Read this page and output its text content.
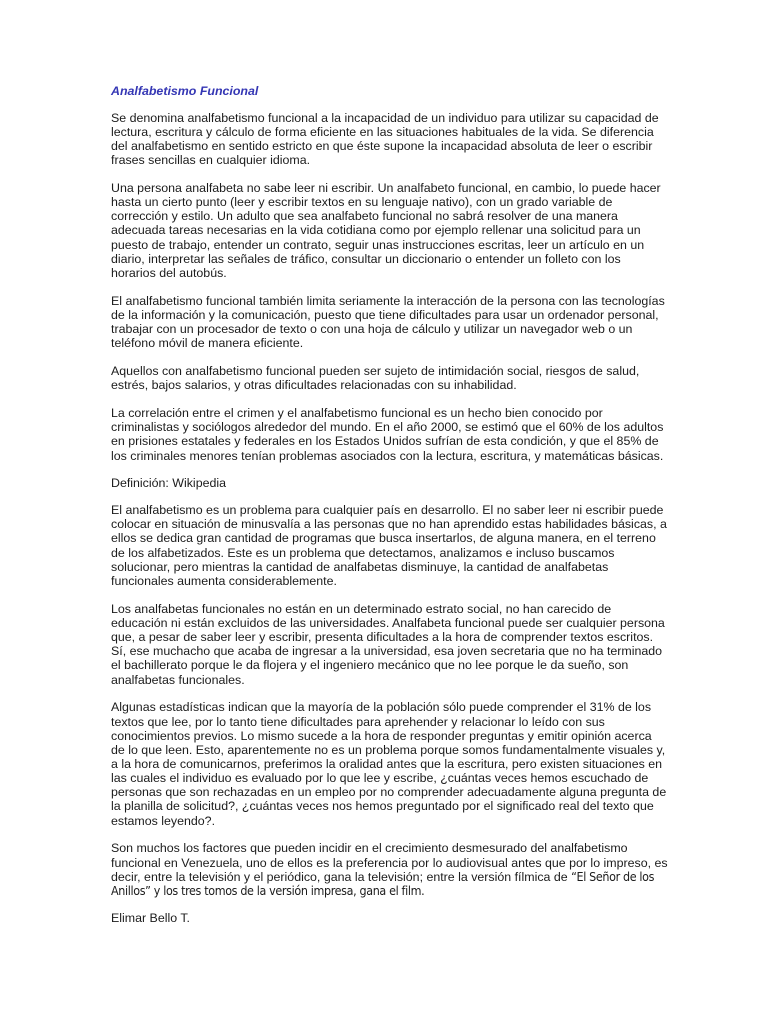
Analfabetismo Funcional

Se denomina analfabetismo funcional a la incapacidad de un individuo para utilizar su capacidad de lectura, escritura y cálculo de forma eficiente en las situaciones habituales de la vida. Se diferencia del analfabetismo en sentido estricto en que éste supone la incapacidad absoluta de leer o escribir frases sencillas en cualquier idioma.

Una persona analfabeta no sabe leer ni escribir. Un analfabeto funcional, en cambio, lo puede hacer hasta un cierto punto (leer y escribir textos en su lenguaje nativo), con un grado variable de corrección y estilo. Un adulto que sea analfabeto funcional no sabrá resolver de una manera adecuada tareas necesarias en la vida cotidiana como por ejemplo rellenar una solicitud para un puesto de trabajo, entender un contrato, seguir unas instrucciones escritas, leer un artículo en un diario, interpretar las señales de tráfico, consultar un diccionario o entender un folleto con los horarios del autobús.

El analfabetismo funcional también limita seriamente la interacción de la persona con las tecnologías de la información y la comunicación, puesto que tiene dificultades para usar un ordenador personal, trabajar con un procesador de texto o con una hoja de cálculo y utilizar un navegador web o un teléfono móvil de manera eficiente.

Aquellos con analfabetismo funcional pueden ser sujeto de intimidación social, riesgos de salud, estrés, bajos salarios, y otras dificultades relacionadas con su inhabilidad.

La correlación entre el crimen y el analfabetismo funcional es un hecho bien conocido por criminalistas y sociólogos alrededor del mundo. En el año 2000, se estimó que el 60% de los adultos en prisiones estatales y federales en los Estados Unidos sufrían de esta condición, y que el 85% de los criminales menores tenían problemas asociados con la lectura, escritura, y matemáticas básicas.

Definición: Wikipedia

El analfabetismo es un problema para cualquier país en desarrollo. El no saber leer ni escribir puede colocar en situación de minusvalía a las personas que no han aprendido estas habilidades básicas, a ellos se dedica gran cantidad de programas que busca insertarlos, de alguna manera, en el terreno de los alfabetizados. Este es un problema que detectamos, analizamos e incluso buscamos solucionar, pero mientras la cantidad de analfabetas disminuye, la cantidad de analfabetas funcionales aumenta considerablemente.

Los analfabetas funcionales no están en un determinado estrato social, no han carecido de educación ni están excluidos de las universidades. Analfabeta funcional puede ser cualquier persona que, a pesar de saber leer y escribir, presenta dificultades a la hora de comprender textos escritos. Sí, ese muchacho que acaba de ingresar a la universidad, esa joven secretaria que no ha terminado el bachillerato porque le da flojera y el ingeniero mecánico que no lee porque le da sueño, son analfabetas funcionales.

Algunas estadísticas indican que la mayoría de la población sólo puede comprender el 31% de los textos que lee, por lo tanto tiene dificultades para aprehender y relacionar lo leído con sus conocimientos previos. Lo mismo sucede a la hora de responder preguntas y emitir opinión acerca de lo que leen. Esto, aparentemente no es un problema porque somos fundamentalmente visuales y, a la hora de comunicarnos, preferimos la oralidad antes que la escritura, pero existen situaciones en las cuales el individuo es evaluado por lo que lee y escribe, ¿cuántas veces hemos escuchado de personas que son rechazadas en un empleo por no comprender adecuadamente alguna pregunta de la planilla de solicitud?, ¿cuántas veces nos hemos preguntado por el significado real del texto que estamos leyendo?.

Son muchos los factores que pueden incidir en el crecimiento desmesurado del analfabetismo funcional en Venezuela, uno de ellos es la preferencia por lo audiovisual antes que por lo impreso, es decir, entre la televisión y el periódico, gana la televisión; entre la versión fílmica de “El Señor de los Anillos” y los tres tomos de la versión impresa, gana el film.

Elimar Bello T.
